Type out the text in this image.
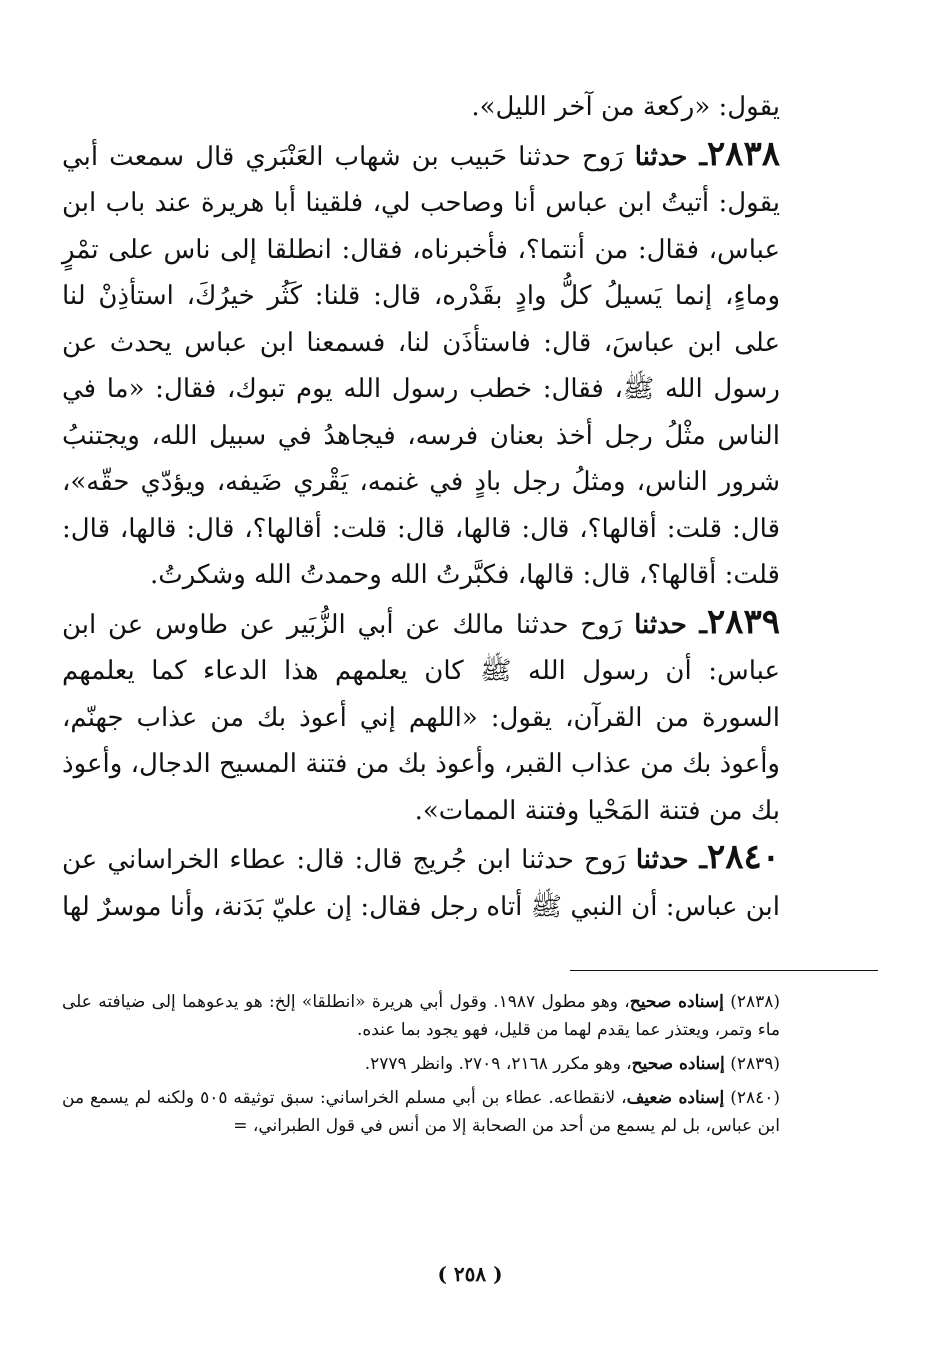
يقول: «ركعة من آخر الليل».

٢٨٣٨ـ حدثنا رَوح حدثنا حَبيب بن شهاب العَنْبَري قال سمعت أبي يقول: أتيتُ ابن عباس أنا وصاحب لي، فلقينا أبا هريرة عند باب ابن عباس، فقال: من أنتما؟، فأخبرناه، فقال: انطلقا إلى ناس على تمْرٍ وماءٍ، إنما يَسيلُ كلُّ وادٍ بقَدْره، قال: قلنا: كَثُر خيرُكَ، استأذِنْ لنا على ابن عباسَ، قال: فاستأذَن لنا، فسمعنا ابن عباس يحدث عن رسول الله ﷺ، فقال: خطب رسول الله يوم تبوك، فقال: «ما في الناس مثْلُ رجل أخذ بعنان فرسه، فيجاهدُ في سبيل الله، ويجتنبُ شرور الناس، ومثلُ رجل بادٍ في غنمه، يَقْري ضَيفه، ويؤدّي حقّه»، قال: قلت: أقالها؟، قال: قالها، قال: قلت: أقالها؟، قال: قالها، قال: قلت: أقالها؟، قال: قالها، فكبَّرتُ الله وحمدتُ الله وشكرتُ.

٢٨٣٩ـ حدثنا رَوح حدثنا مالك عن أبي الزُّبَير عن طاوس عن ابن عباس: أن رسول الله ﷺ كان يعلمهم هذا الدعاء كما يعلمهم السورة من القرآن، يقول: «اللهم إني أعوذ بك من عذاب جهنّم، وأعوذ بك من عذاب القبر، وأعوذ بك من فتنة المسيح الدجال، وأعوذ بك من فتنة المَحْيا وفتنة الممات».

٢٨٤٠ـ حدثنا رَوح حدثنا ابن جُريج قال: قال: عطاء الخراساني عن ابن عباس: أن النبي ﷺ أتاه رجل فقال: إن عليّ بَدَنة، وأنا موسرٌ لها

(٢٨٣٨) إسناده صحيح، وهو مطول ١٩٨٧. وقول أبي هريرة «انطلقا» إلخ: هو يدعوهما إلى ضيافته على ماء وتمر، ويعتذر عما يقدم لهما من قليل، فهو يجود بما عنده.

(٢٨٣٩) إسناده صحيح، وهو مكرر ٢١٦٨، ٢٧٠٩. وانظر ٢٧٧٩.

(٢٨٤٠) إسناده ضعيف، لانقطاعه. عطاء بن أبي مسلم الخراساني: سبق توثيقه ٥٠٥ ولكنه لم يسمع من ابن عباس، بل لم يسمع من أحد من الصحابة إلا من أنس في قول الطبراني، =

( ٢٥٨ )
